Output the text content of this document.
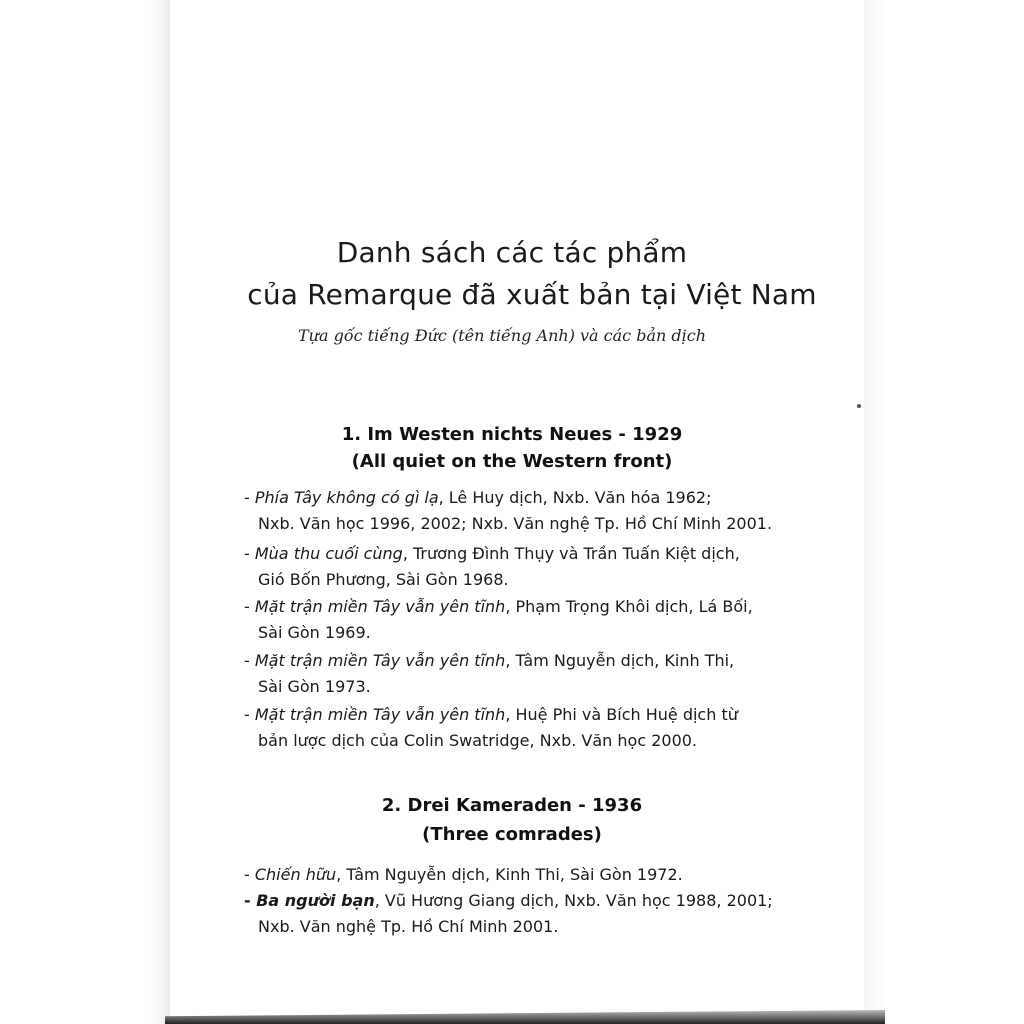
Danh sách các tác phẩm
của Remarque đã xuất bản tại Việt Nam
Tựa gốc tiếng Đức (tên tiếng Anh) và các bản dịch
1. Im Westen nichts Neues - 1929
(All quiet on the Western front)
- Phía Tây không có gì lạ, Lê Huy dịch, Nxb. Văn hóa 1962;
Nxb. Văn học 1996, 2002; Nxb. Văn nghệ Tp. Hồ Chí Minh 2001.
- Mùa thu cuối cùng, Trương Đình Thụy và Trần Tuấn Kiệt dịch,
Gió Bốn Phương, Sài Gòn 1968.
- Mặt trận miền Tây vẫn yên tĩnh, Phạm Trọng Khôi dịch, Lá Bối,
Sài Gòn 1969.
- Mặt trận miền Tây vẫn yên tĩnh, Tâm Nguyễn dịch, Kinh Thi,
Sài Gòn 1973.
- Mặt trận miền Tây vẫn yên tĩnh, Huệ Phi và Bích Huệ dịch từ
bản lược dịch của Colin Swatridge, Nxb. Văn học 2000.
2. Drei Kameraden - 1936
(Three comrades)
- Chiến hữu, Tâm Nguyễn dịch, Kinh Thi, Sài Gòn 1972.
- Ba người bạn, Vũ Hương Giang dịch, Nxb. Văn học 1988, 2001;
Nxb. Văn nghệ Tp. Hồ Chí Minh 2001.
